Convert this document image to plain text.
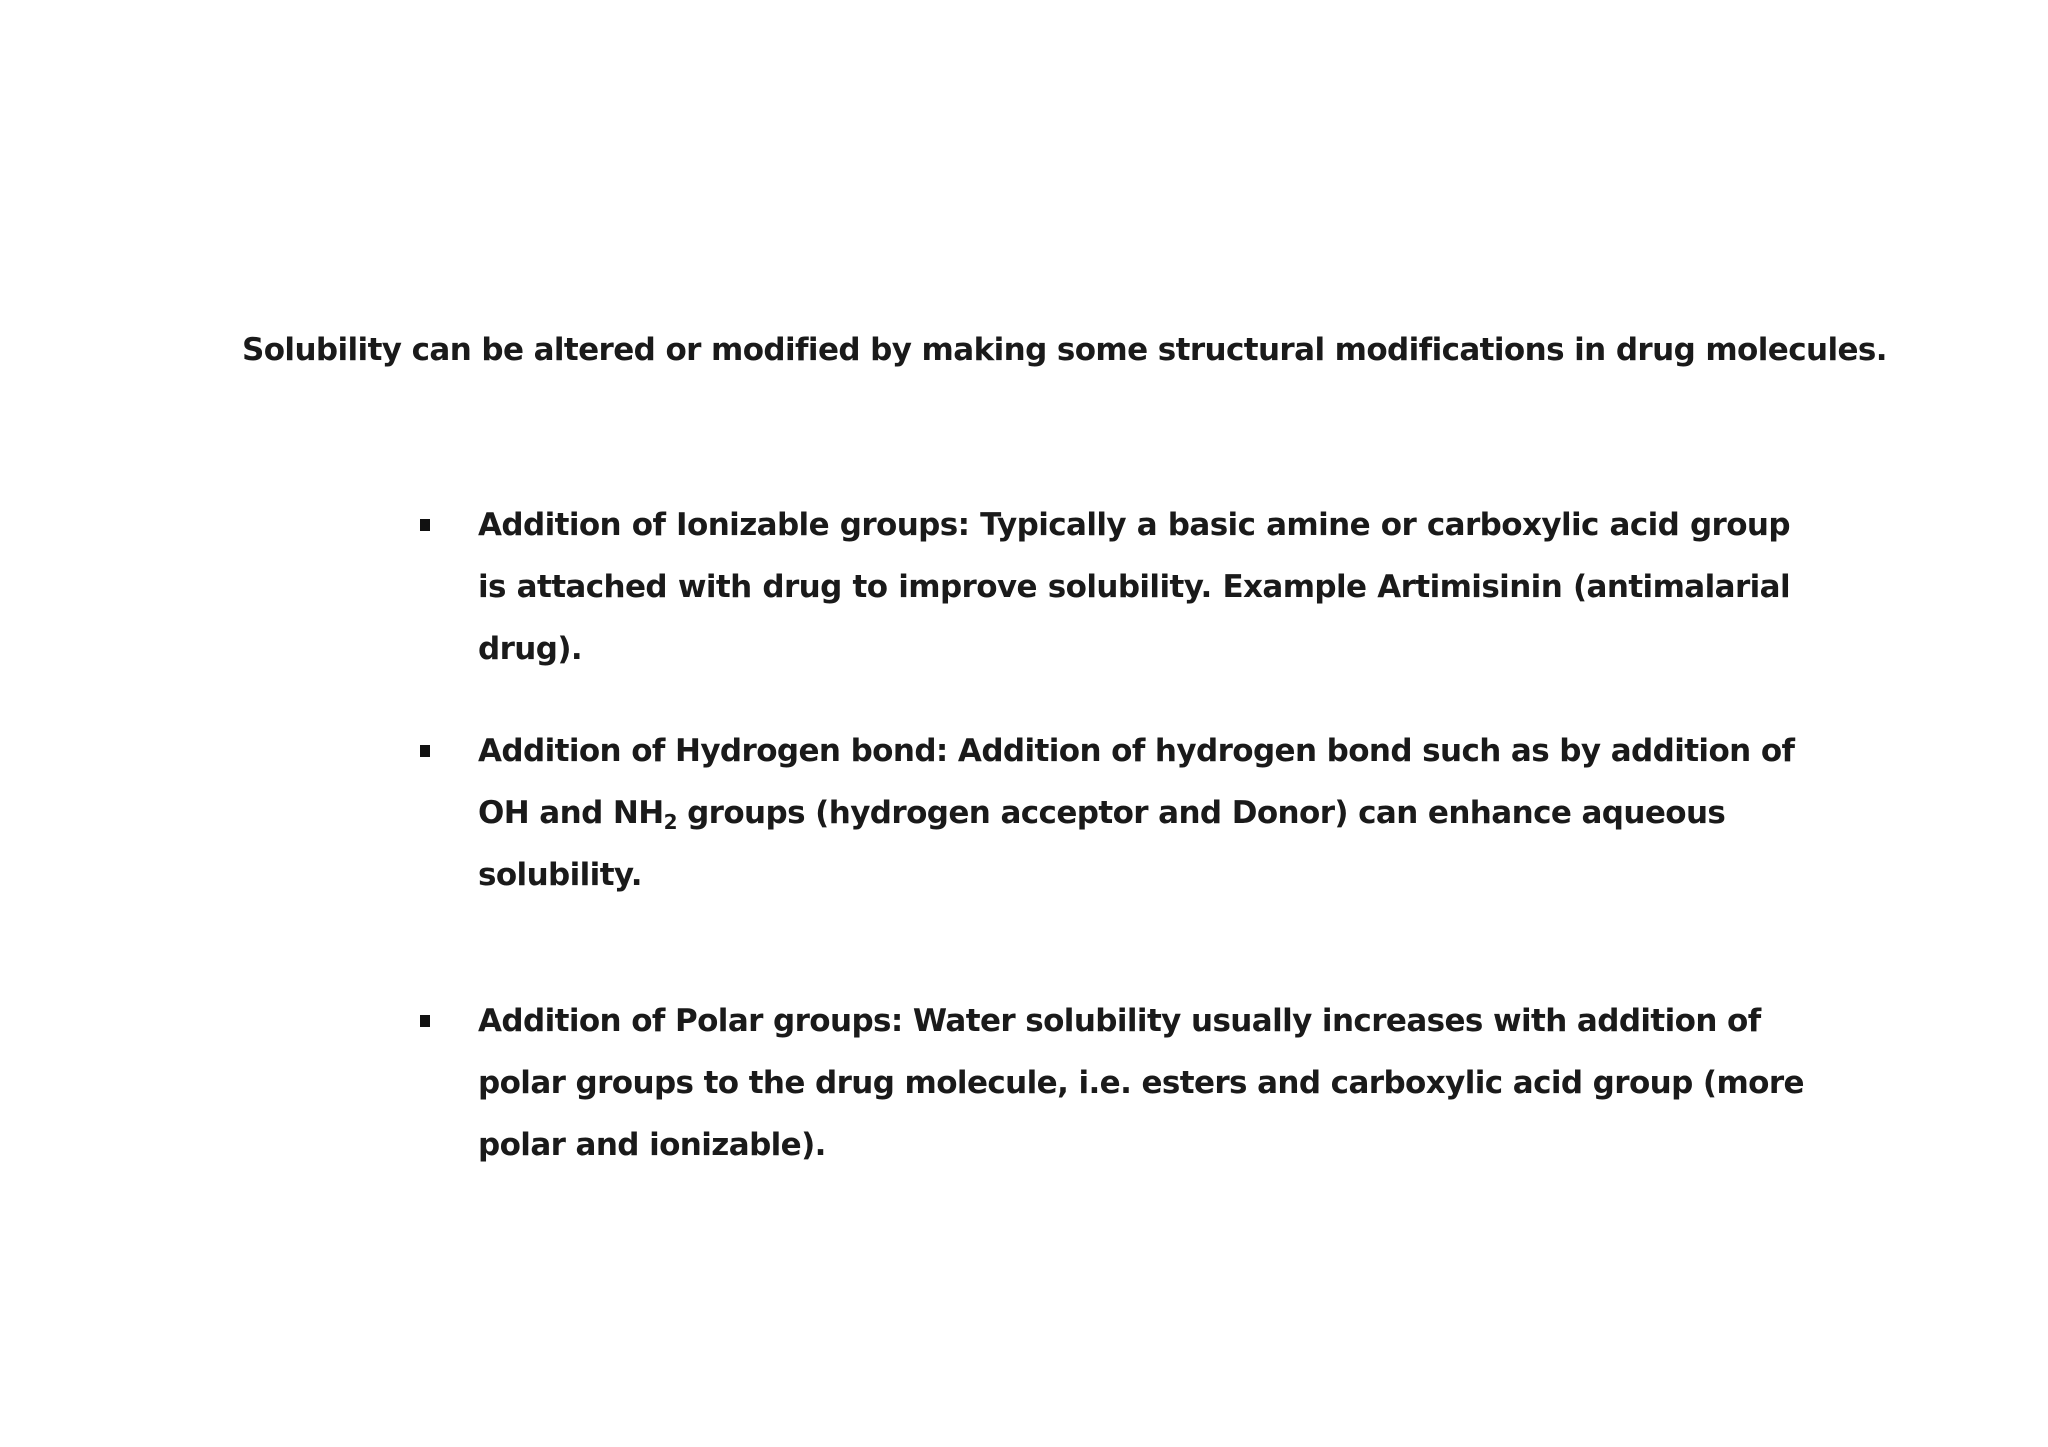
Solubility can be altered or modified by making some structural modifications in drug molecules.
Addition of Ionizable groups: Typically a basic amine or carboxylic acid group is attached with drug to improve solubility. Example Artimisinin (antimalarial drug).
Addition of Hydrogen bond: Addition of hydrogen bond such as by addition of OH and $NH_2$ groups (hydrogen acceptor and Donor) can enhance aqueous solubility.
Addition of Polar groups: Water solubility usually increases with addition of polar groups to the drug molecule, i.e. esters and carboxylic acid group (more polar and ionizable).
